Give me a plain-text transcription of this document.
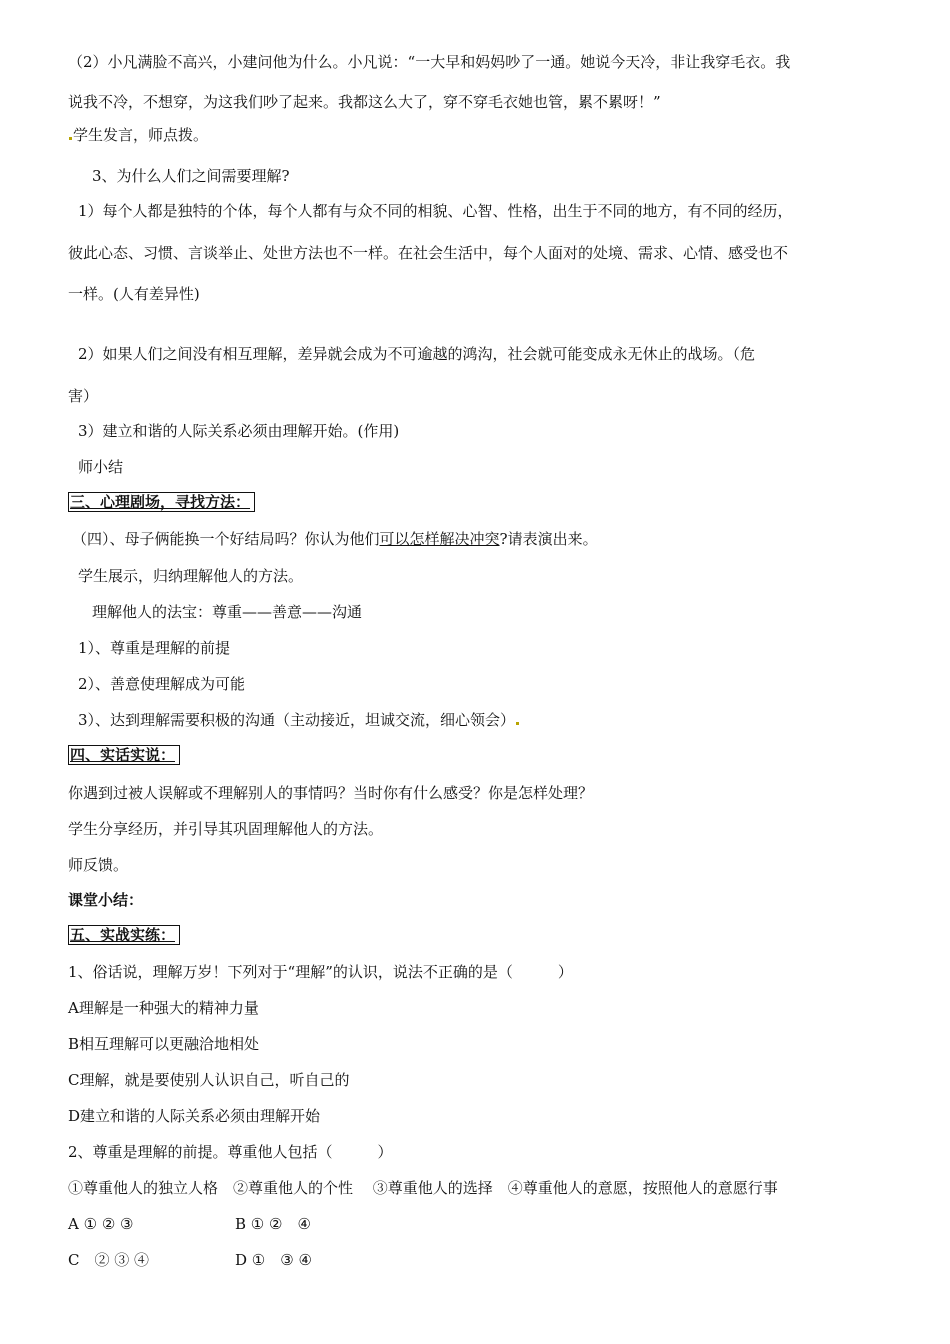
（2）小凡满脸不高兴，小建问他为什么。小凡说：“一大早和妈妈吵了一通。她说今天冷，非让我穿毛衣。我
说我不冷，不想穿，为这我们吵了起来。我都这么大了，穿不穿毛衣她也管，累不累呀！”
学生发言，师点拨。
3、为什么人们之间需要理解?
1）每个人都是独特的个体，每个人都有与众不同的相貌、心智、性格，出生于不同的地方，有不同的经历，
彼此心态、习惯、言谈举止、处世方法也不一样。在社会生活中，每个人面对的处境、需求、心情、感受也不
一样。(人有差异性)
2）如果人们之间没有相互理解，差异就会成为不可逾越的鸿沟，社会就可能变成永无休止的战场。（危
害）
3）建立和谐的人际关系必须由理解开始。(作用)
师小结
三、心理剧场，寻找方法：
（四）、母子俩能换一个好结局吗？你认为他们可以怎样解决冲突?请表演出来。
学生展示，归纳理解他人的方法。
理解他人的法宝：尊重——善意——沟通
1）、尊重是理解的前提
2）、善意使理解成为可能
3）、达到理解需要积极的沟通（主动接近，坦诚交流，细心领会）
四、实话实说：
你遇到过被人误解或不理解别人的事情吗？当时你有什么感受？你是怎样处理？
学生分享经历，并引导其巩固理解他人的方法。
师反馈。
课堂小结：
五、实战实练：
1、俗话说，理解万岁！下列对于“理解”的认识，说法不正确的是（　　　）
A理解是一种强大的精神力量
B相互理解可以更融洽地相处
C理解，就是要使别人认识自己，听自己的
D建立和谐的人际关系必须由理解开始
2、尊重是理解的前提。尊重他人包括（　　　）
①尊重他人的独立人格　②尊重他人的个性　 ③尊重他人的选择　④尊重他人的意愿，按照他人的意愿行事
A ① ② ③	B ① ②　④
C　② ③ ④	D ①　③ ④
